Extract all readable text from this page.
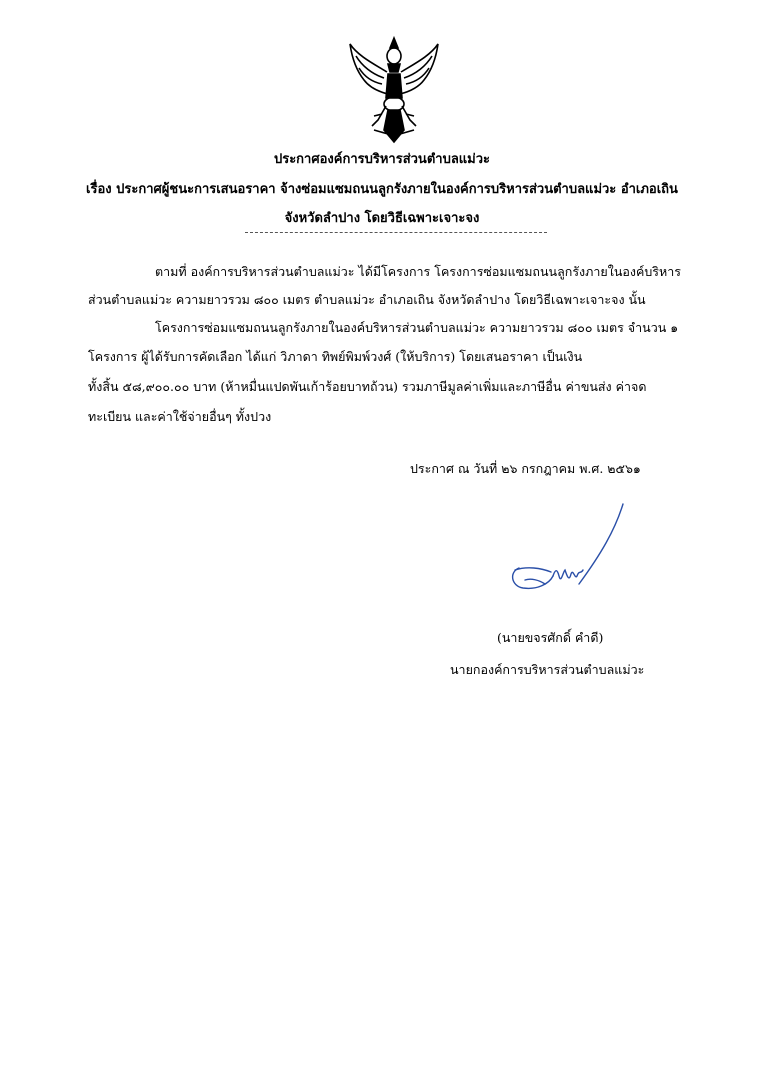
ประกาศองค์การบริหารส่วนตำบลแม่วะ
เรื่อง ประกาศผู้ชนะการเสนอราคา จ้างซ่อมแซมถนนลูกรังภายในองค์การบริหารส่วนตำบลแม่วะ อำเภอเถิน
จังหวัดลำปาง โดยวิธีเฉพาะเจาะจง
ตามที่ องค์การบริหารส่วนตำบลแม่วะ ได้มีโครงการ โครงการซ่อมแซมถนนลูกรังภายในองค์บริหาร
ส่วนตำบลแม่วะ ความยาวรวม ๘๐๐ เมตร ตำบลแม่วะ อำเภอเถิน จังหวัดลำปาง โดยวิธีเฉพาะเจาะจง นั้น
โครงการซ่อมแซมถนนลูกรังภายในองค์บริหารส่วนตำบลแม่วะ ความยาวรวม ๘๐๐ เมตร จำนวน ๑
โครงการ ผู้ได้รับการคัดเลือก ได้แก่ วิภาดา ทิพย์พิมพ์วงศ์ (ให้บริการ) โดยเสนอราคา เป็นเงิน
ทั้งสิ้น ๕๘,๙๐๐.๐๐ บาท (ห้าหมื่นแปดพันเก้าร้อยบาทถ้วน) รวมภาษีมูลค่าเพิ่มและภาษีอื่น ค่าขนส่ง ค่าจด
ทะเบียน และค่าใช้จ่ายอื่นๆ ทั้งปวง
ประกาศ ณ วันที่ ๒๖ กรกฎาคม พ.ศ. ๒๕๖๑
(นายขจรศักดิ์ คำดี)
นายกองค์การบริหารส่วนตำบลแม่วะ
